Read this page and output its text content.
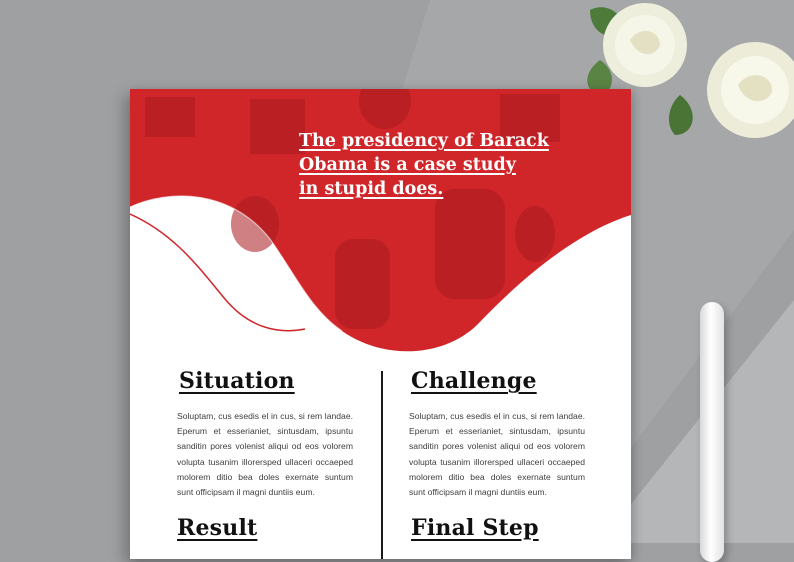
The presidency of Barack
Obama is a case study
in stupid does.
Situation

Soluptam, cus esedis el in cus, si rem landae. Eperum et esserianiet, sintusdam, ipsuntu sanditin pores volenist aliqui od eos volorem volupta tusanim illorersped ullaceri occaeped molorem ditio bea doles exernate suntum sunt officipsam il magni duntiis eum.

Challenge

Soluptam, cus esedis el in cus, si rem landae. Eperum et esserianiet, sintusdam, ipsuntu sanditin pores volenist aliqui od eos volorem volupta tusanim illorersped ullaceri occaeped molorem ditio bea doles exernate suntum sunt officipsam il magni duntiis eum.

Result	Final Step
